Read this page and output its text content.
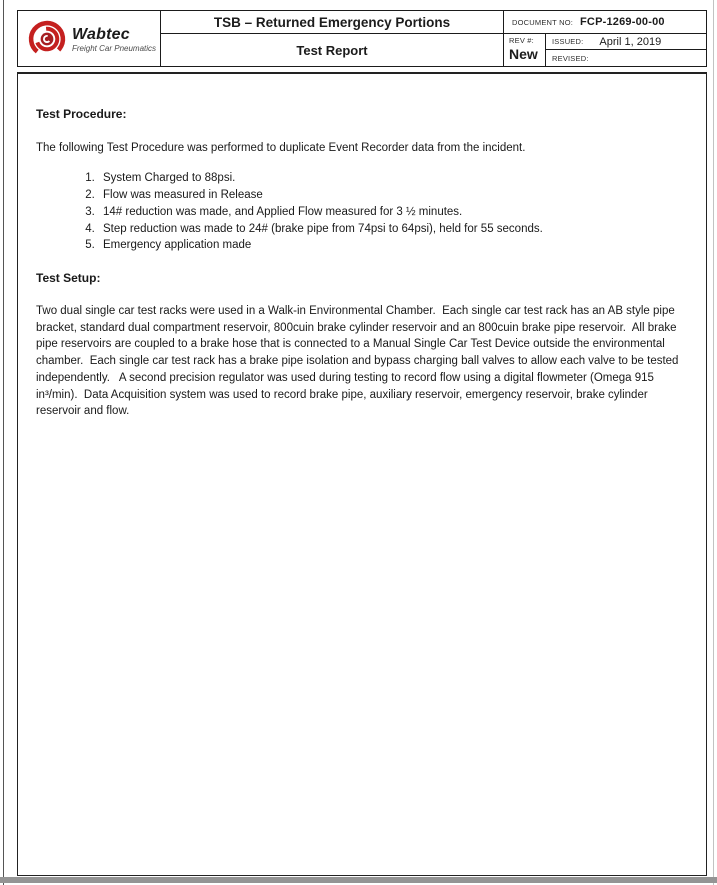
Wabtec
Freight Car Pneumatics
TSB – Returned Emergency Portions
Test Report
DOCUMENT NO: FCP-1269-00-00
REV #:
New
ISSUED: April 1, 2019
REVISED:
Test Procedure:

The following Test Procedure was performed to duplicate Event Recorder data from the incident.

1. System Charged to 88psi.
2. Flow was measured in Release
3. 14# reduction was made, and Applied Flow measured for 3 ½ minutes.
4. Step reduction was made to 24# (brake pipe from 74psi to 64psi), held for 55 seconds.
5. Emergency application made
Test Setup:

Two dual single car test racks were used in a Walk-in Environmental Chamber.  Each single car test rack has an AB style pipe bracket, standard dual compartment reservoir, 800cuin brake cylinder reservoir and an 800cuin brake pipe reservoir.  All brake pipe reservoirs are coupled to a brake hose that is connected to a Manual Single Car Test Device outside the environmental chamber.  Each single car test rack has a brake pipe isolation and bypass charging ball valves to allow each valve to be tested independently.   A second precision regulator was used during testing to record flow using a digital flowmeter (Omega 915 in³/min).  Data Acquisition system was used to record brake pipe, auxiliary reservoir, emergency reservoir, brake cylinder reservoir and flow.
